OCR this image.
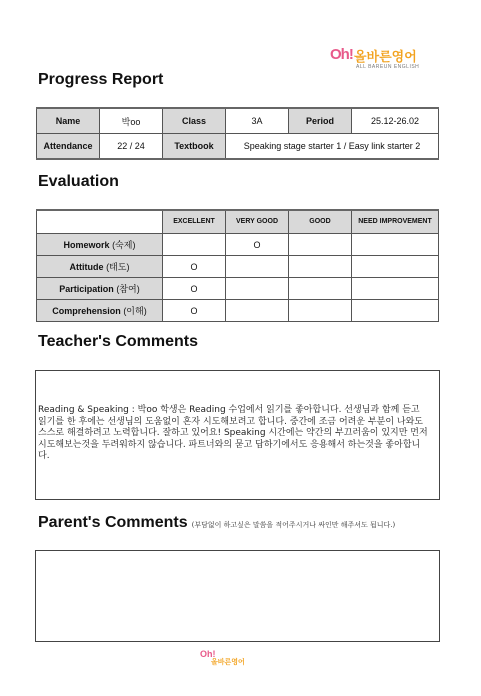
Oh! 올바른영어
ALL BAREUN ENGLISH
Progress Report
Name	박oo	Class	3A	Period	25.12-26.02
Attendance	22 / 24	Textbook	Speaking stage starter 1 / Easy link starter 2		
Evaluation
	EXCELLENT	VERY GOOD	GOOD	NEED IMPROVEMENT
Homework (숙제)		O		
Attitude (태도)	O			
Participation (참여)	O			
Comprehension (이해)	O			
Teacher's Comments
Reading & Speaking : 박oo 학생은 Reading 수업에서 읽기를 좋아합니다. 선생님과 함께 듣고 읽기를 한 후에는 선생님의 도움없이 혼자 시도해보려고 합니다. 중간에 조금 어려운 부분이 나와도 스스로 해결하려고 노력합니다. 잘하고 있어요! Speaking 시간에는 약간의 부끄러움이 있지만 먼저 시도해보는것을 두려워하지 않습니다. 파트너와의 묻고 답하기에서도 응용해서 하는것을 좋아합니다.
Parent's Comments (부담없이 하고싶은 말씀을 적어주시거나 싸인만 해주셔도 됩니다.)
Oh!
올바른영어
